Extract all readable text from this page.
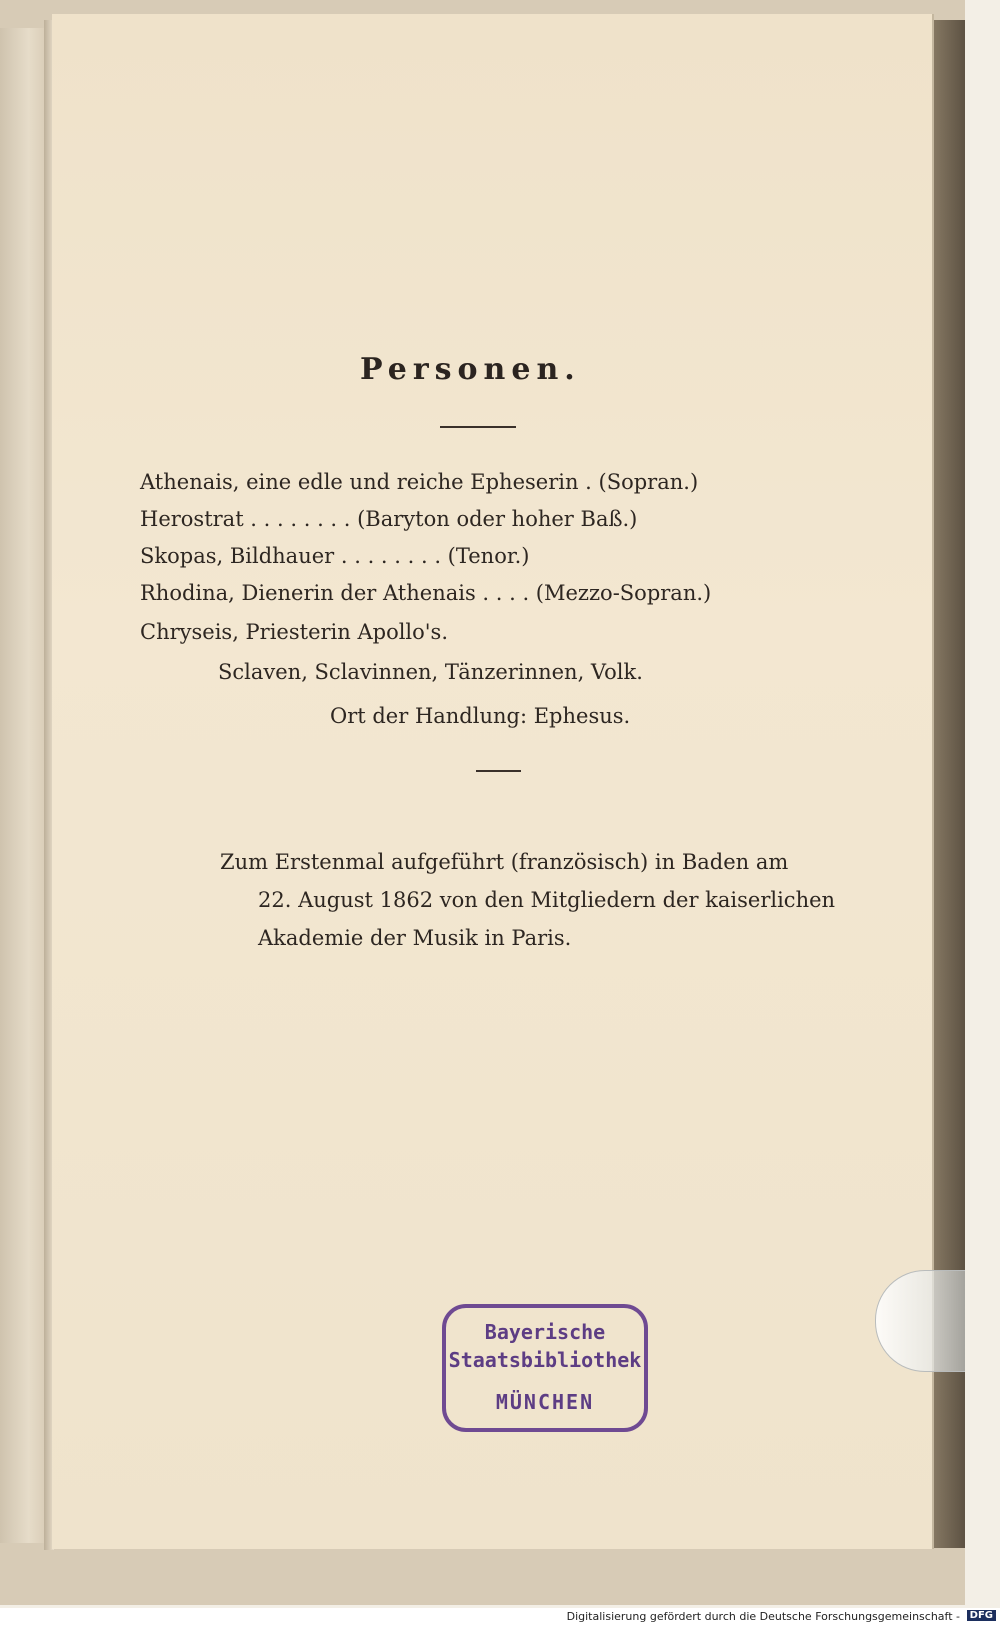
Personen.
Athenais, eine edle und reiche Epheserin . (Sopran.)
Herostrat . . . . . . . . (Baryton oder hoher Baß.)
Skopas, Bildhauer . . . . . . . . (Tenor.)
Rhodina, Dienerin der Athenais . . . . (Mezzo-Sopran.)
Chryseis, Priesterin Apollo's.
Sclaven, Sclavinnen, Tänzerinnen, Volk.
Ort der Handlung: Ephesus.
Zum Erstenmal aufgeführt (französisch) in Baden am
22. August 1862 von den Mitgliedern der kaiserlichen
Akademie der Musik in Paris.
Bayerische
Staatsbibliothek
MÜNCHEN
Digitalisierung gefördert durch die Deutsche Forschungsgemeinschaft - DFG
